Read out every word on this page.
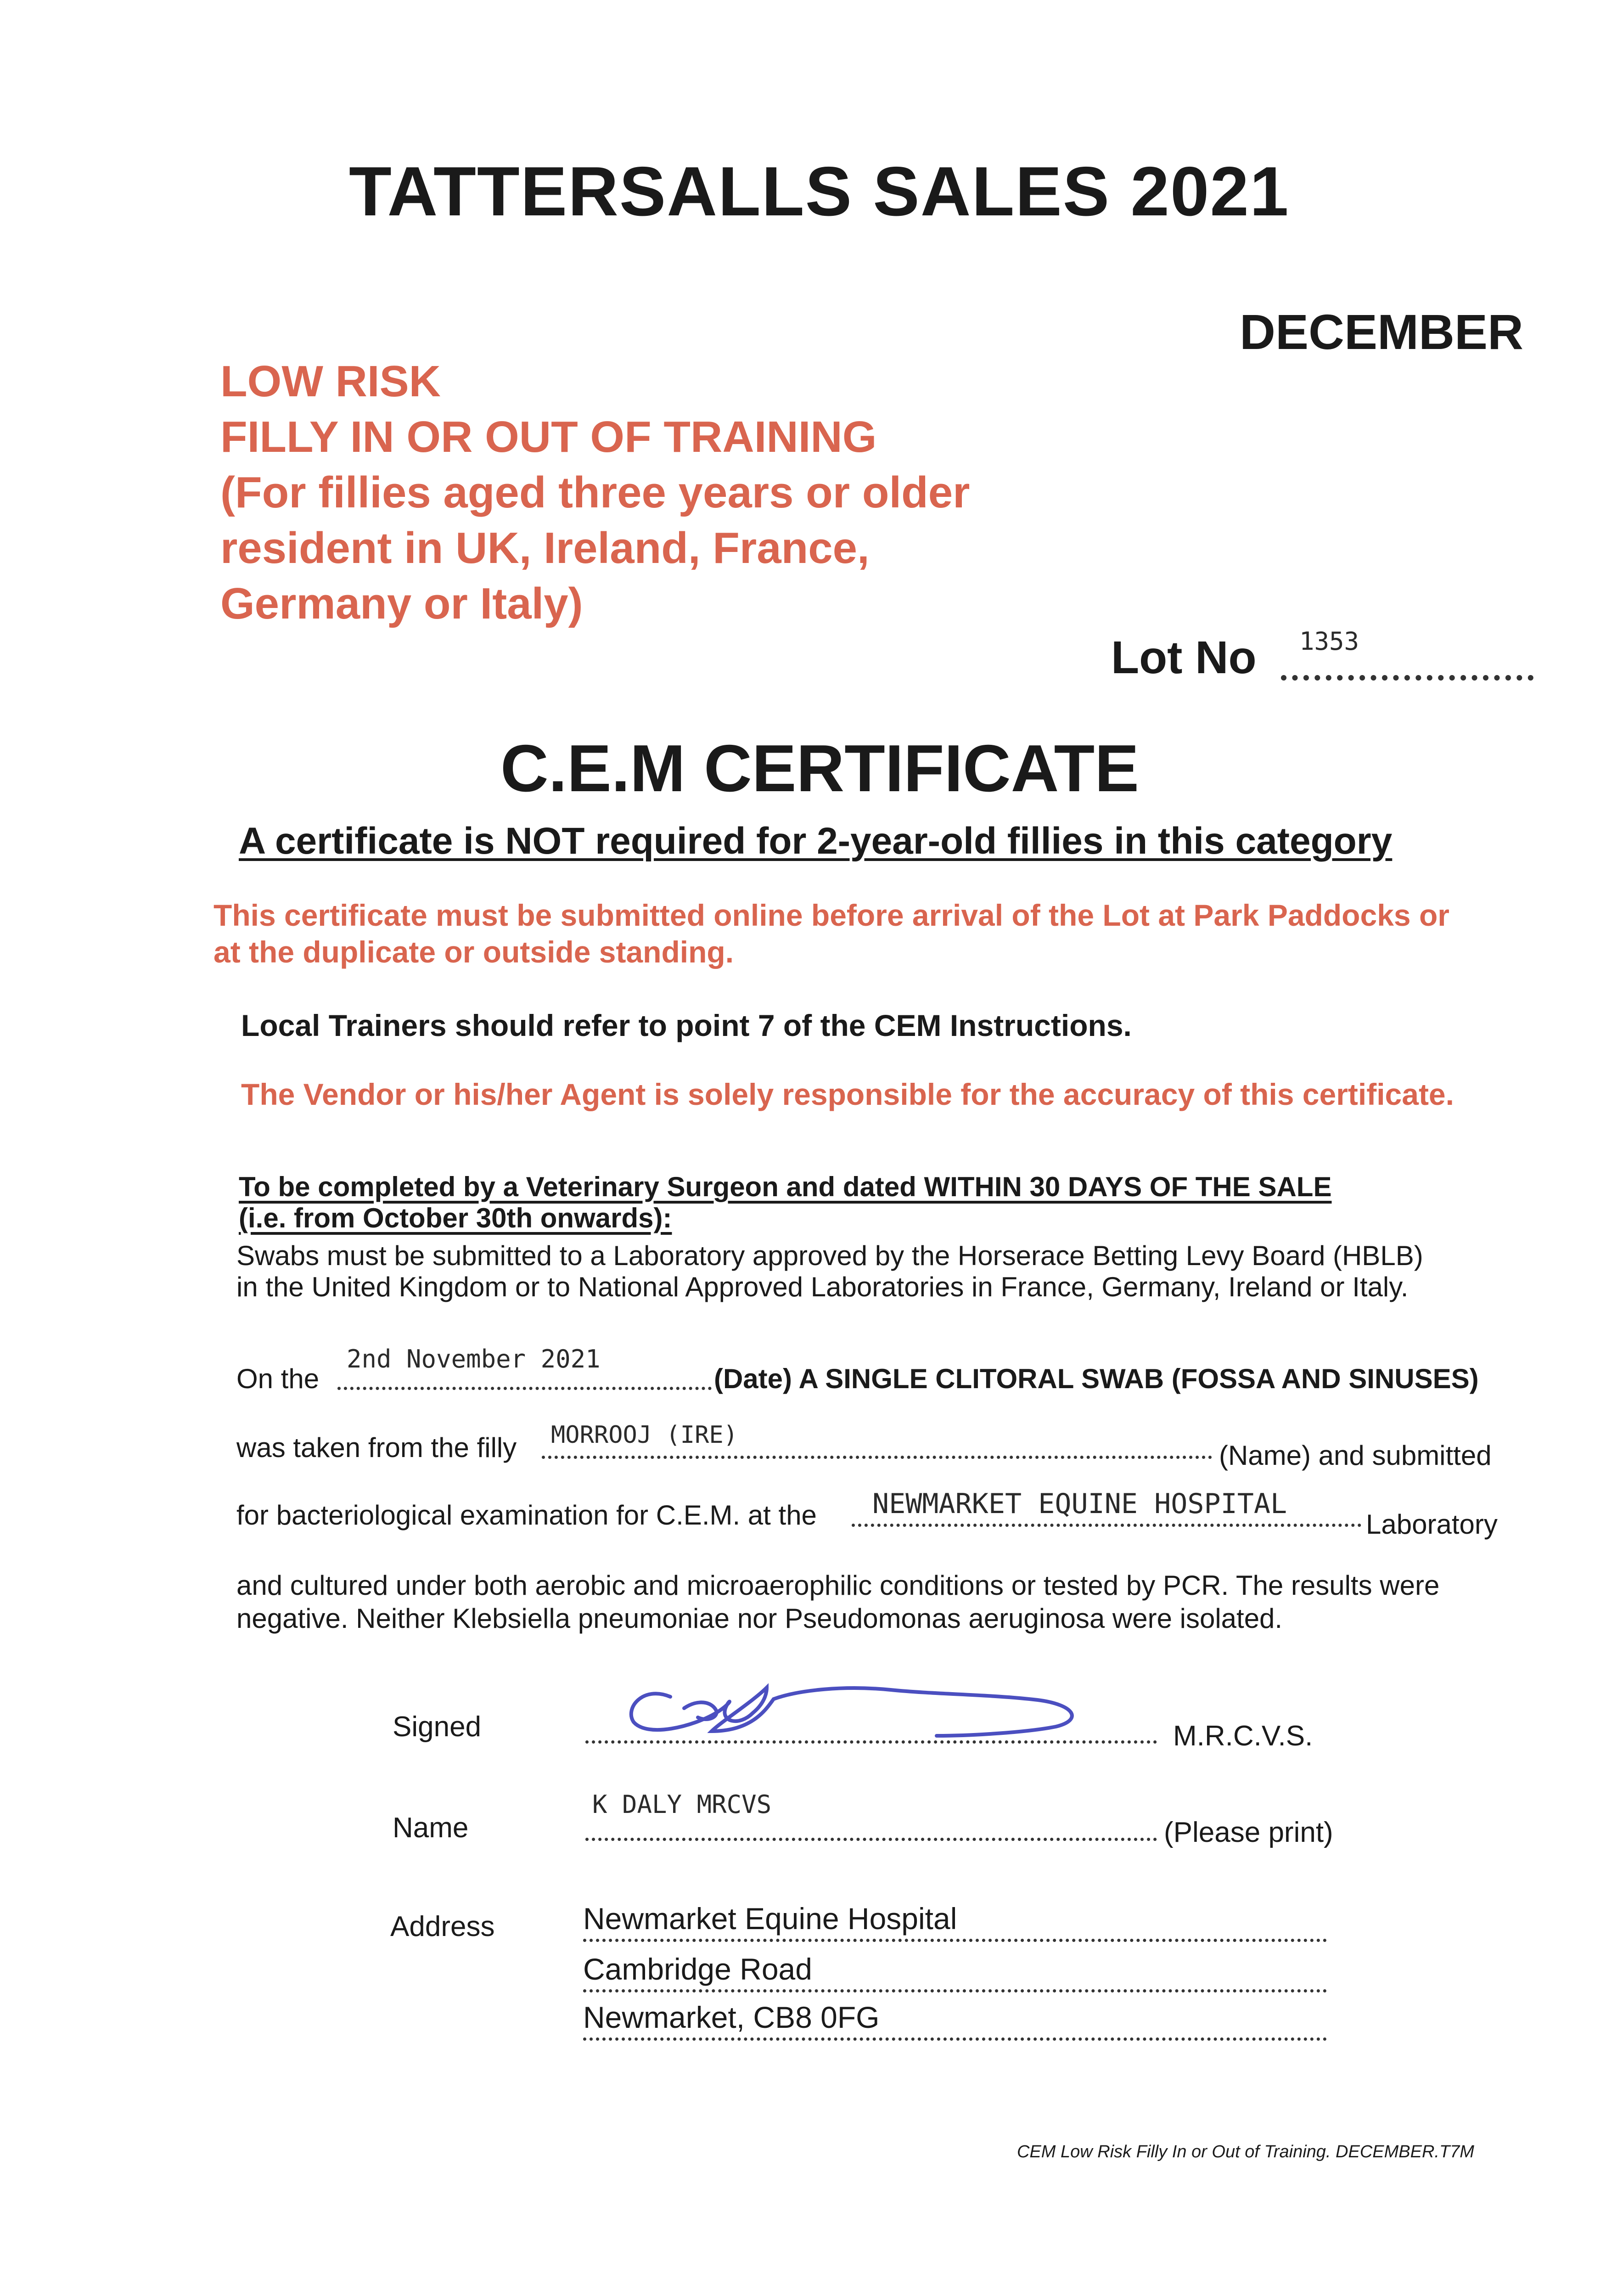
TATTERSALLS SALES 2021
DECEMBER
LOW RISK
FILLY IN OR OUT OF TRAINING
(For fillies aged three years or older
resident in UK, Ireland, France,
Germany or Italy)
Lot No 1353
C.E.M CERTIFICATE
A certificate is NOT required for 2-year-old fillies in this category
This certificate must be submitted online before arrival of the Lot at Park Paddocks or
at the duplicate or outside standing.
Local Trainers should refer to point 7 of the CEM Instructions.
The Vendor or his/her Agent is solely responsible for the accuracy of this certificate.
To be completed by a Veterinary Surgeon and dated WITHIN 30 DAYS OF THE SALE
(i.e. from October 30th onwards):
Swabs must be submitted to a Laboratory approved by the Horserace Betting Levy Board (HBLB)
in the United Kingdom or to National Approved Laboratories in France, Germany, Ireland or Italy.
On the
2nd November 2021
(Date) A SINGLE CLITORAL SWAB (FOSSA AND SINUSES)
was taken from the filly MORROOJ (IRE)
(Name) and submitted
for bacteriological examination for C.E.M. at the NEWMARKET EQUINE HOSPITAL
Laboratory
and cultured under both aerobic and microaerophilic conditions or tested by PCR. The results were
negative. Neither Klebsiella pneumoniae nor Pseudomonas aeruginosa were isolated.
Signed	M.R.C.V.S.
Name
K DALY MRCVS
(Please print)
Address	Newmarket Equine Hospital
Cambridge Road
Newmarket, CB8 0FG
CEM Low Risk Filly In or Out of Training. DECEMBER.T7M
